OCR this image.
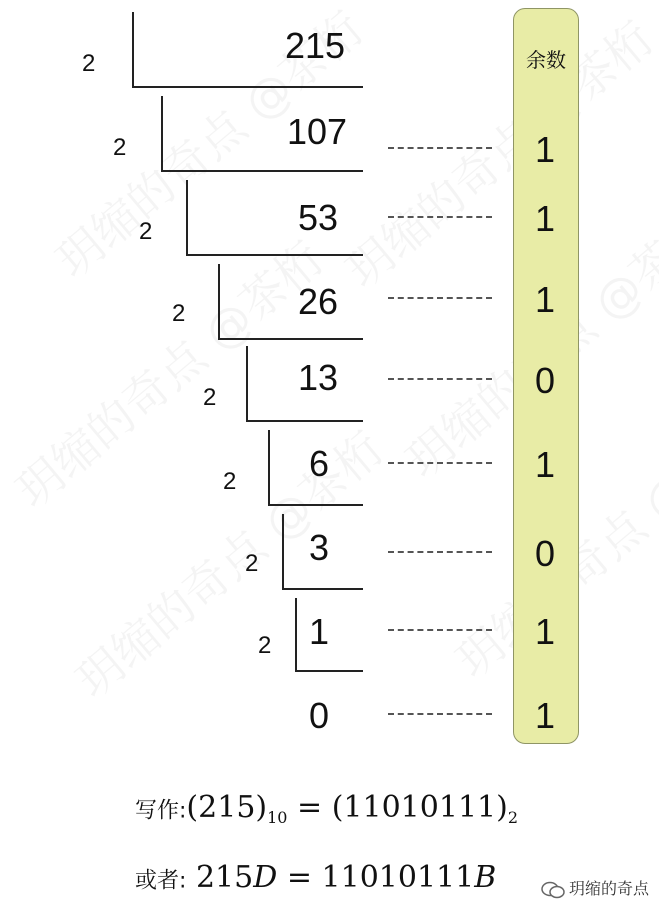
余数
2	215
2	107	1
2	53	1
2	26	1
2 13	0
2 6	1
2 3	0
2 1	1
0	1
写作$:(215)_{10} = (11010111)_2$
或者: 215D = 11010111B	玥缩的奇点
